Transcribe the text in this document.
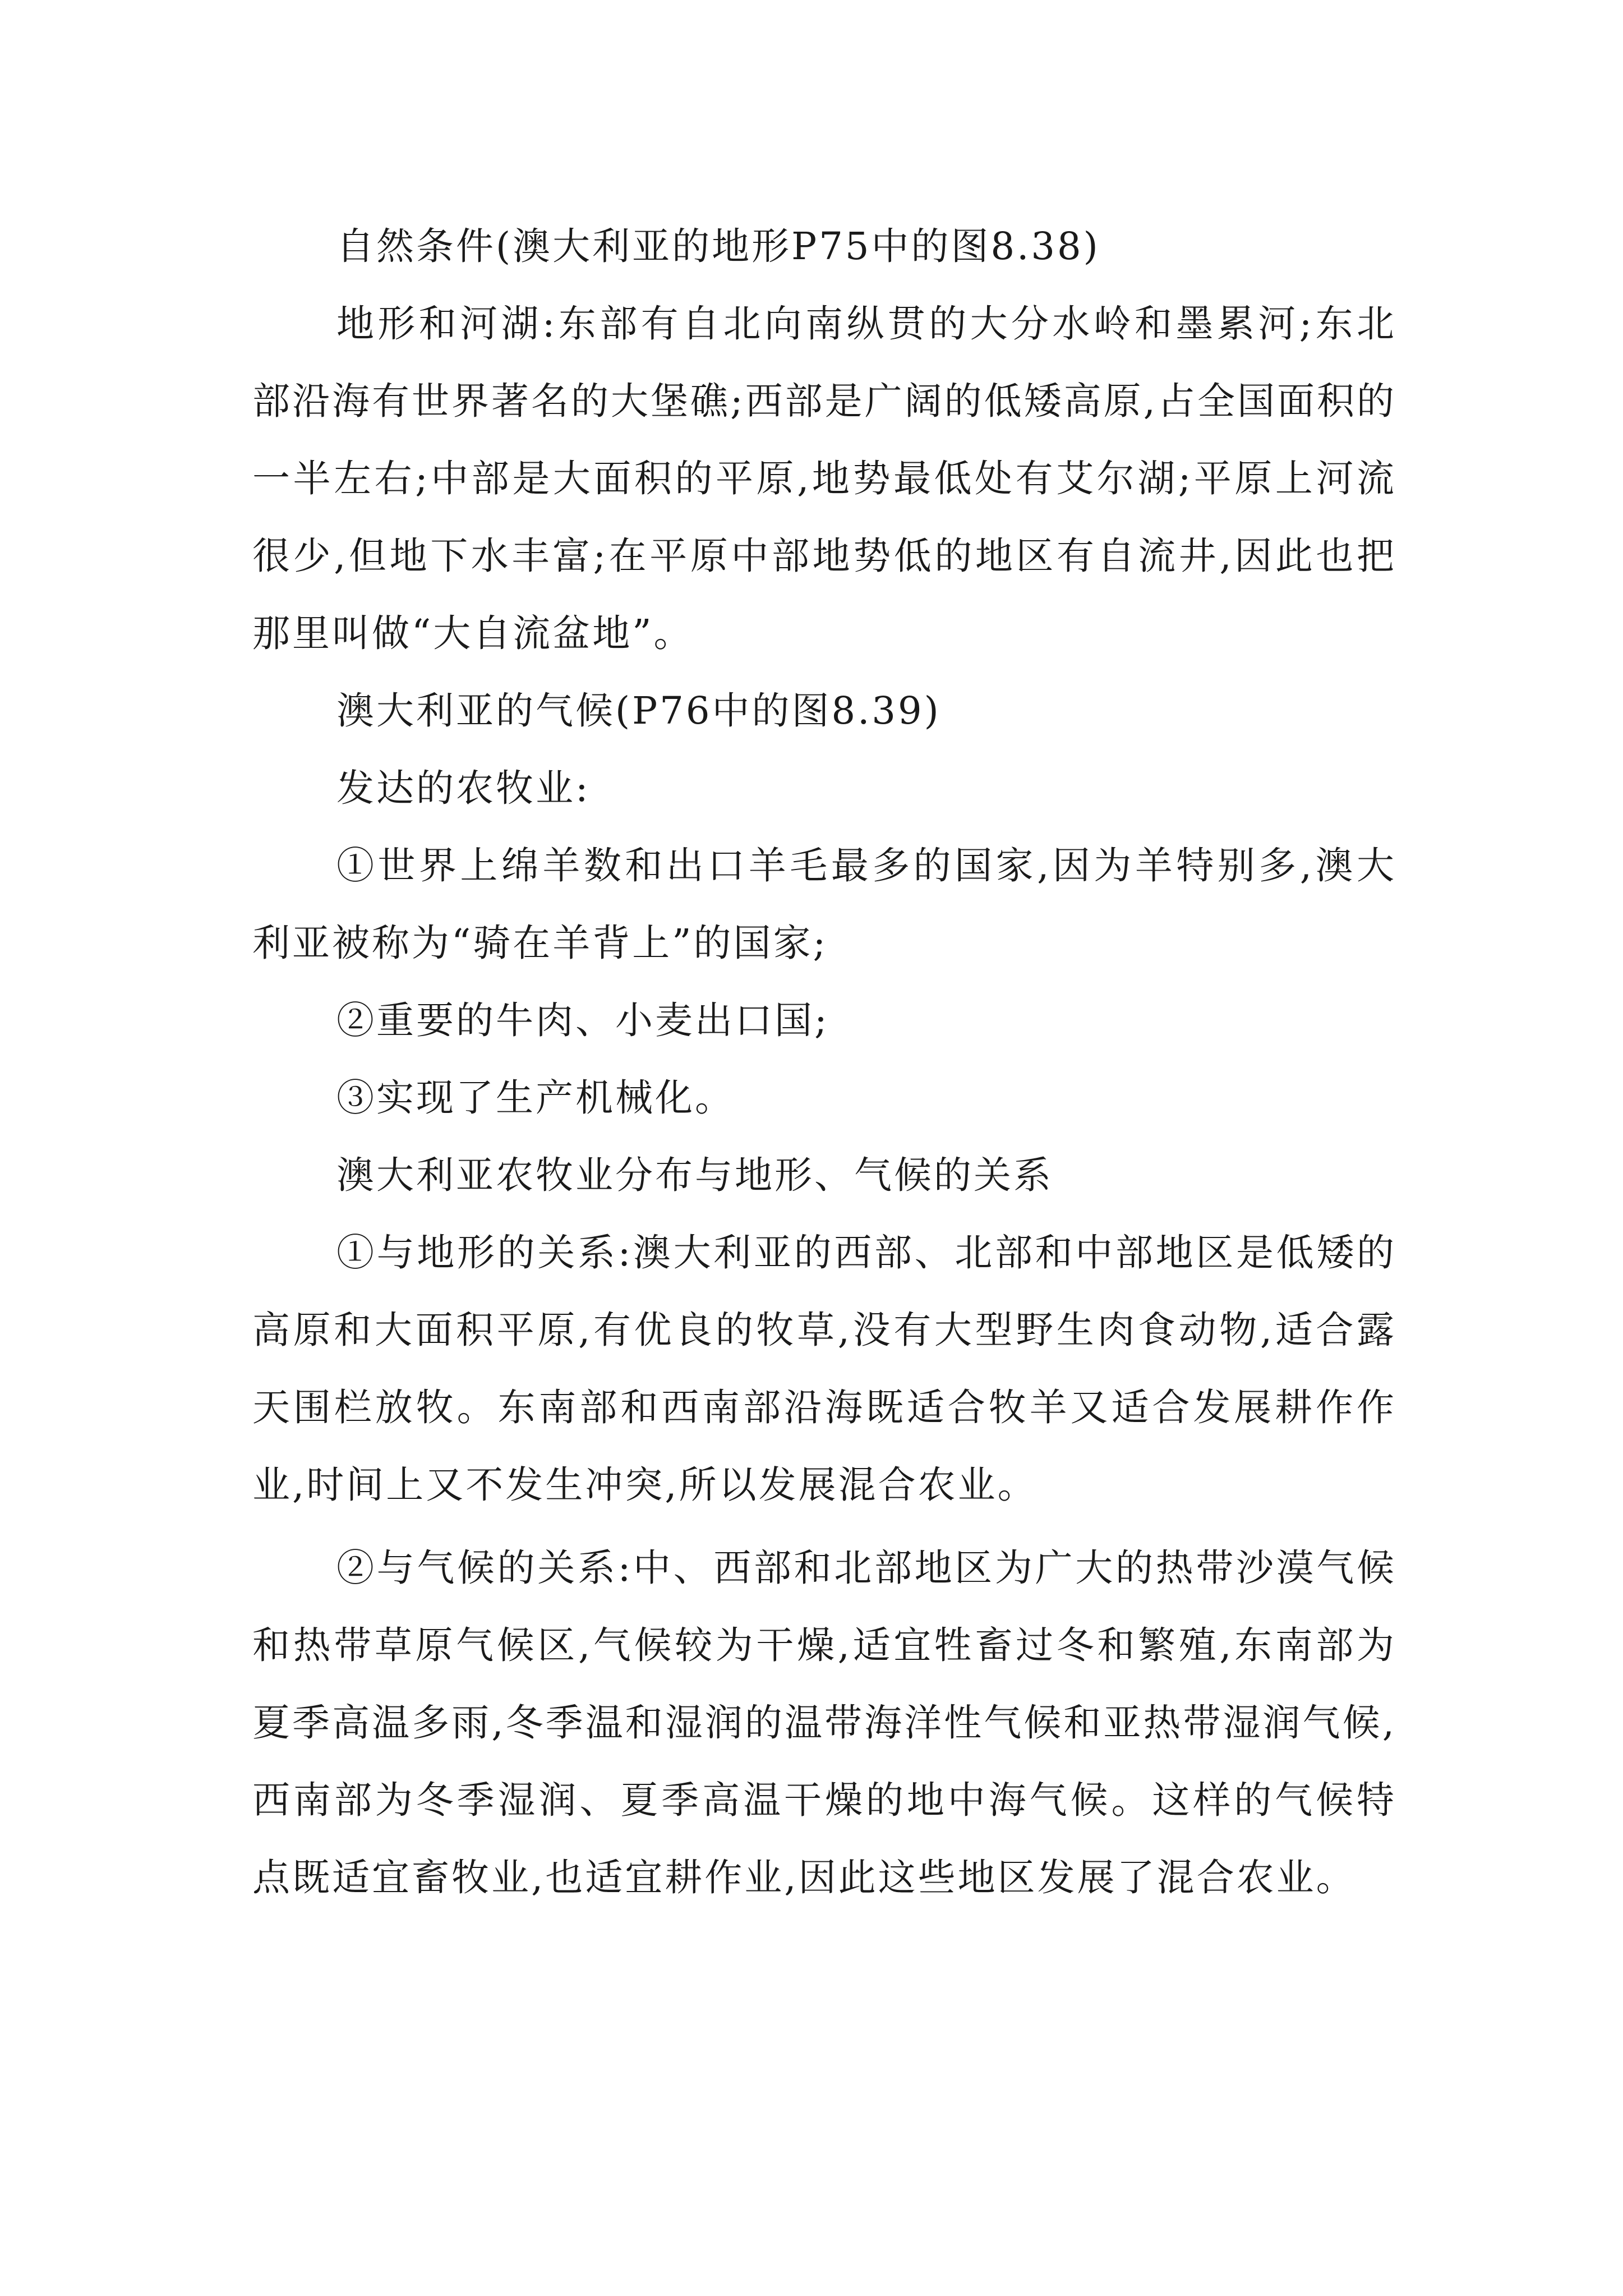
自然条件(澳大利亚的地形P75中的图8.38)

地形和河湖:东部有自北向南纵贯的大分水岭和墨累河;东北部沿海有世界著名的大堡礁;西部是广阔的低矮高原,占全国面积的一半左右;中部是大面积的平原,地势最低处有艾尔湖;平原上河流很少,但地下水丰富;在平原中部地势低的地区有自流井,因此也把那里叫做“大自流盆地”。

澳大利亚的气候(P76中的图8.39)

发达的农牧业:

①世界上绵羊数和出口羊毛最多的国家,因为羊特别多,澳大利亚被称为“骑在羊背上”的国家;

②重要的牛肉、小麦出口国;

③实现了生产机械化。

澳大利亚农牧业分布与地形、气候的关系

①与地形的关系:澳大利亚的西部、北部和中部地区是低矮的高原和大面积平原,有优良的牧草,没有大型野生肉食动物,适合露天围栏放牧。东南部和西南部沿海既适合牧羊又适合发展耕作作业,时间上又不发生冲突,所以发展混合农业。

②与气候的关系:中、西部和北部地区为广大的热带沙漠气候和热带草原气候区,气候较为干燥,适宜牲畜过冬和繁殖,东南部为夏季高温多雨,冬季温和湿润的温带海洋性气候和亚热带湿润气候,西南部为冬季湿润、夏季高温干燥的地中海气候。这样的气候特点既适宜畜牧业,也适宜耕作业,因此这些地区发展了混合农业。
